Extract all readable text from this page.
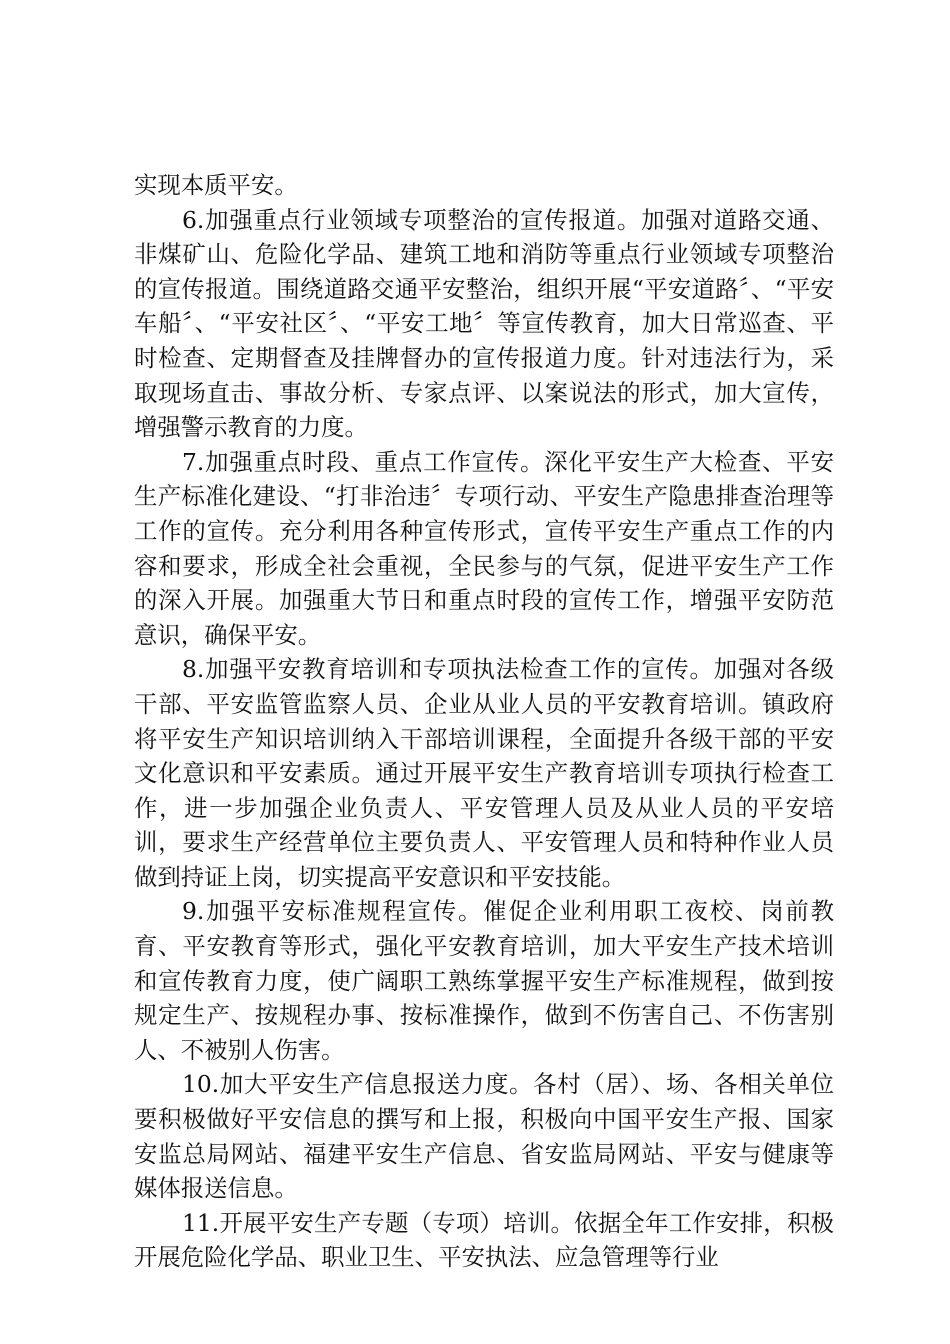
实现本质平安。

6.加强重点行业领域专项整治的宣传报道。加强对道路交通、非煤矿山、危险化学品、建筑工地和消防等重点行业领域专项整治的宣传报道。围绕道路交通平安整治，组织开展“平安道路〞、“平安车船〞、“平安社区〞、“平安工地〞等宣传教育，加大日常巡查、平时检查、定期督查及挂牌督办的宣传报道力度。针对违法行为，采取现场直击、事故分析、专家点评、以案说法的形式，加大宣传，增强警示教育的力度。

7.加强重点时段、重点工作宣传。深化平安生产大检查、平安生产标准化建设、“打非治违〞专项行动、平安生产隐患排查治理等工作的宣传。充分利用各种宣传形式，宣传平安生产重点工作的内容和要求，形成全社会重视，全民参与的气氛，促进平安生产工作的深入开展。加强重大节日和重点时段的宣传工作，增强平安防范意识，确保平安。

8.加强平安教育培训和专项执法检查工作的宣传。加强对各级干部、平安监管监察人员、企业从业人员的平安教育培训。镇政府将平安生产知识培训纳入干部培训课程，全面提升各级干部的平安文化意识和平安素质。通过开展平安生产教育培训专项执行检查工作，进一步加强企业负责人、平安管理人员及从业人员的平安培训，要求生产经营单位主要负责人、平安管理人员和特种作业人员做到持证上岗，切实提高平安意识和平安技能。

9.加强平安标准规程宣传。催促企业利用职工夜校、岗前教育、平安教育等形式，强化平安教育培训，加大平安生产技术培训和宣传教育力度，使广阔职工熟练掌握平安生产标准规程，做到按规定生产、按规程办事、按标准操作，做到不伤害自己、不伤害别人、不被别人伤害。

10.加大平安生产信息报送力度。各村（居）、场、各相关单位要积极做好平安信息的撰写和上报，积极向中国平安生产报、国家安监总局网站、福建平安生产信息、省安监局网站、平安与健康等媒体报送信息。

11.开展平安生产专题（专项）培训。依据全年工作安排，积极开展危险化学品、职业卫生、平安执法、应急管理等行业
